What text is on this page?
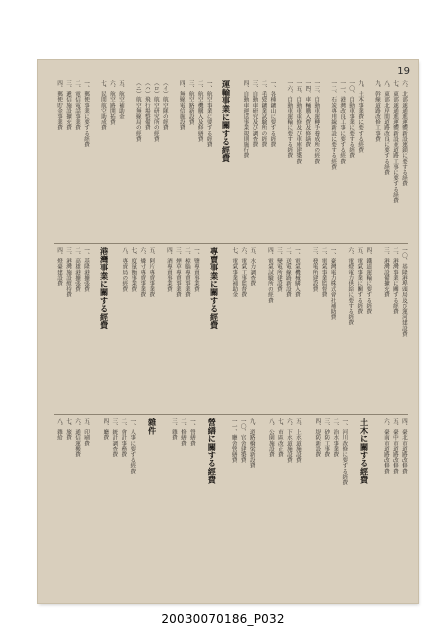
19
六、北部遂通進運體新設連鎖に要する経費
七、東部遂通進運體新設並道路工事に要する経費
八、東部北岸間道路改良に要する経費
九、幹線道路改修工事費
九、土木事業費に要する經費
一〇、自動車事業に要する經費
一一、港灣改良工事に要する經費
一二、石炭專用線新設に要する經費
一三、自動車運轉手養成所の經費
一四、車輛購入費及修繕費
一五、自動車重修及び車庫建築費
一六、自動車運輸に要する經費
一、各種鑛山に要する經費
二、毛髪鑛業試驗所の經費
三、自動車研究及び調查費
四、自動車運送事業規則施行費
運輸事業に關する經費
一、航空事業に要する經費
二、航空機購入及修繕費
三、航空路新設費
四、無線電信施設費
（イ）航空隊の經費
（ロ）航空研究所の經費
（ハ）飛行場整備費
（ニ）航空無線局の經費
五、航空補助金
六、航空路開拓費
七、民間航空助成費
一、郵便事業に要する經費
二、電信電話事業費
三、遞信施設擴充費
四、郵便貯金事業費
一〇、基隆港埠頭局及び運河建設費
二、港灣事業に關する經費
三、港灣設備擴充費
四、鐵道運輸に要する經費
五、電氣事業に關する經費
六、電燈電力供給に要する經費
一、臺灣電力株式會社補助費
二、電氣事業監督費
三、發電所建設費
一、電氣機械購入費
二、送電線路新設費
三、變電所建設費
四、電氣試驗所の經費
五、水力調查費
六、電氣工事監督費
七、電氣事業補助金
專賣事業に關する經費
一、鹽專賣事業費
二、樟腦專賣事業費
三、煙草專賣事業費
四、酒專賣事業費
五、阿片專賣事業費
六、燐寸專賣事業費
七、度量衡事業費
八、專賣局の經費
港灣事業に關する經費
一、基隆港擴張費
二、高雄港擴張費
三、港灣施設維持費
四、燈臺建設費
四、臺北市道路改修費
五、臺中市道路改修費
六、臺南市道路改修費
土木に關する經費
一、河川改修に要する經費
二、治水事業費
三、砂防工事費
四、堤防新設費
五、上水道施設費
六、下水道施設費
七、市區改正費
八、公園施設費
九、道路橋梁新設費
一〇、官舍建築費
一一、廳舍營繕費
營繕に關する經費
一、營繕費
二、修繕費
三、雜費
雜件
一、人事に要する經費
二、會計事務費
三、統計調查費
四、廳費
五、印刷費
六、通信運搬費
七、旅費
八、雜給
20030070186_P032
